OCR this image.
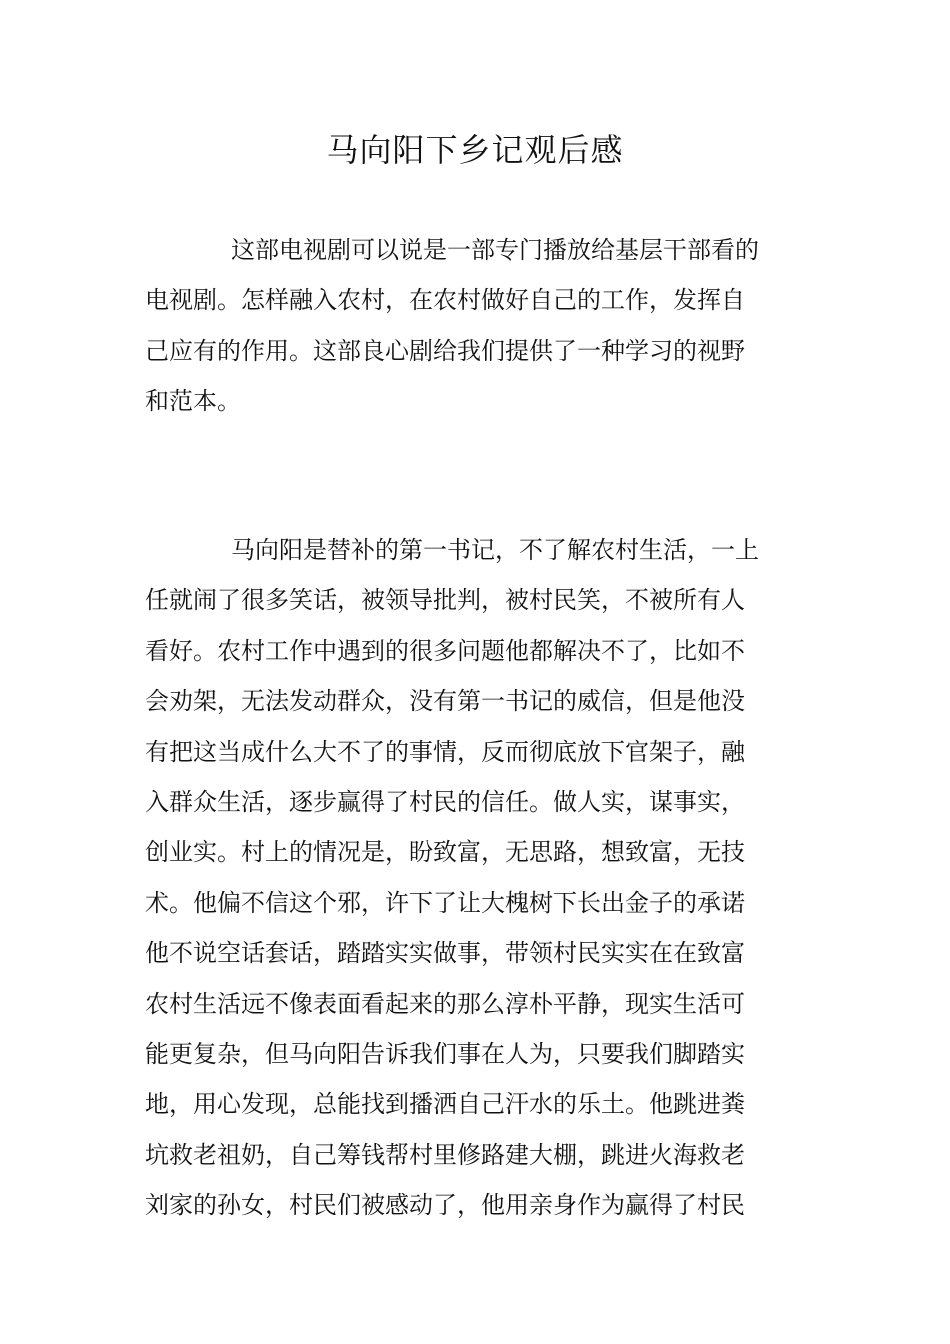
马向阳下乡记观后感
这部电视剧可以说是一部专门播放给基层干部看的
电视剧。怎样融入农村，在农村做好自己的工作，发挥自
己应有的作用。这部良心剧给我们提供了一种学习的视野
和范本。
马向阳是替补的第一书记，不了解农村生活，一上
任就闹了很多笑话，被领导批判，被村民笑，不被所有人
看好。农村工作中遇到的很多问题他都解决不了，比如不
会劝架，无法发动群众，没有第一书记的威信，但是他没
有把这当成什么大不了的事情，反而彻底放下官架子，融
入群众生活，逐步赢得了村民的信任。做人实，谋事实，
创业实。村上的情况是，盼致富，无思路，想致富，无技
术。他偏不信这个邪，许下了让大槐树下长出金子的承诺
他不说空话套话，踏踏实实做事，带领村民实实在在致富
农村生活远不像表面看起来的那么淳朴平静，现实生活可
能更复杂，但马向阳告诉我们事在人为，只要我们脚踏实
地，用心发现，总能找到播洒自己汗水的乐土。他跳进粪
坑救老祖奶，自己筹钱帮村里修路建大棚，跳进火海救老
刘家的孙女，村民们被感动了，他用亲身作为赢得了村民
